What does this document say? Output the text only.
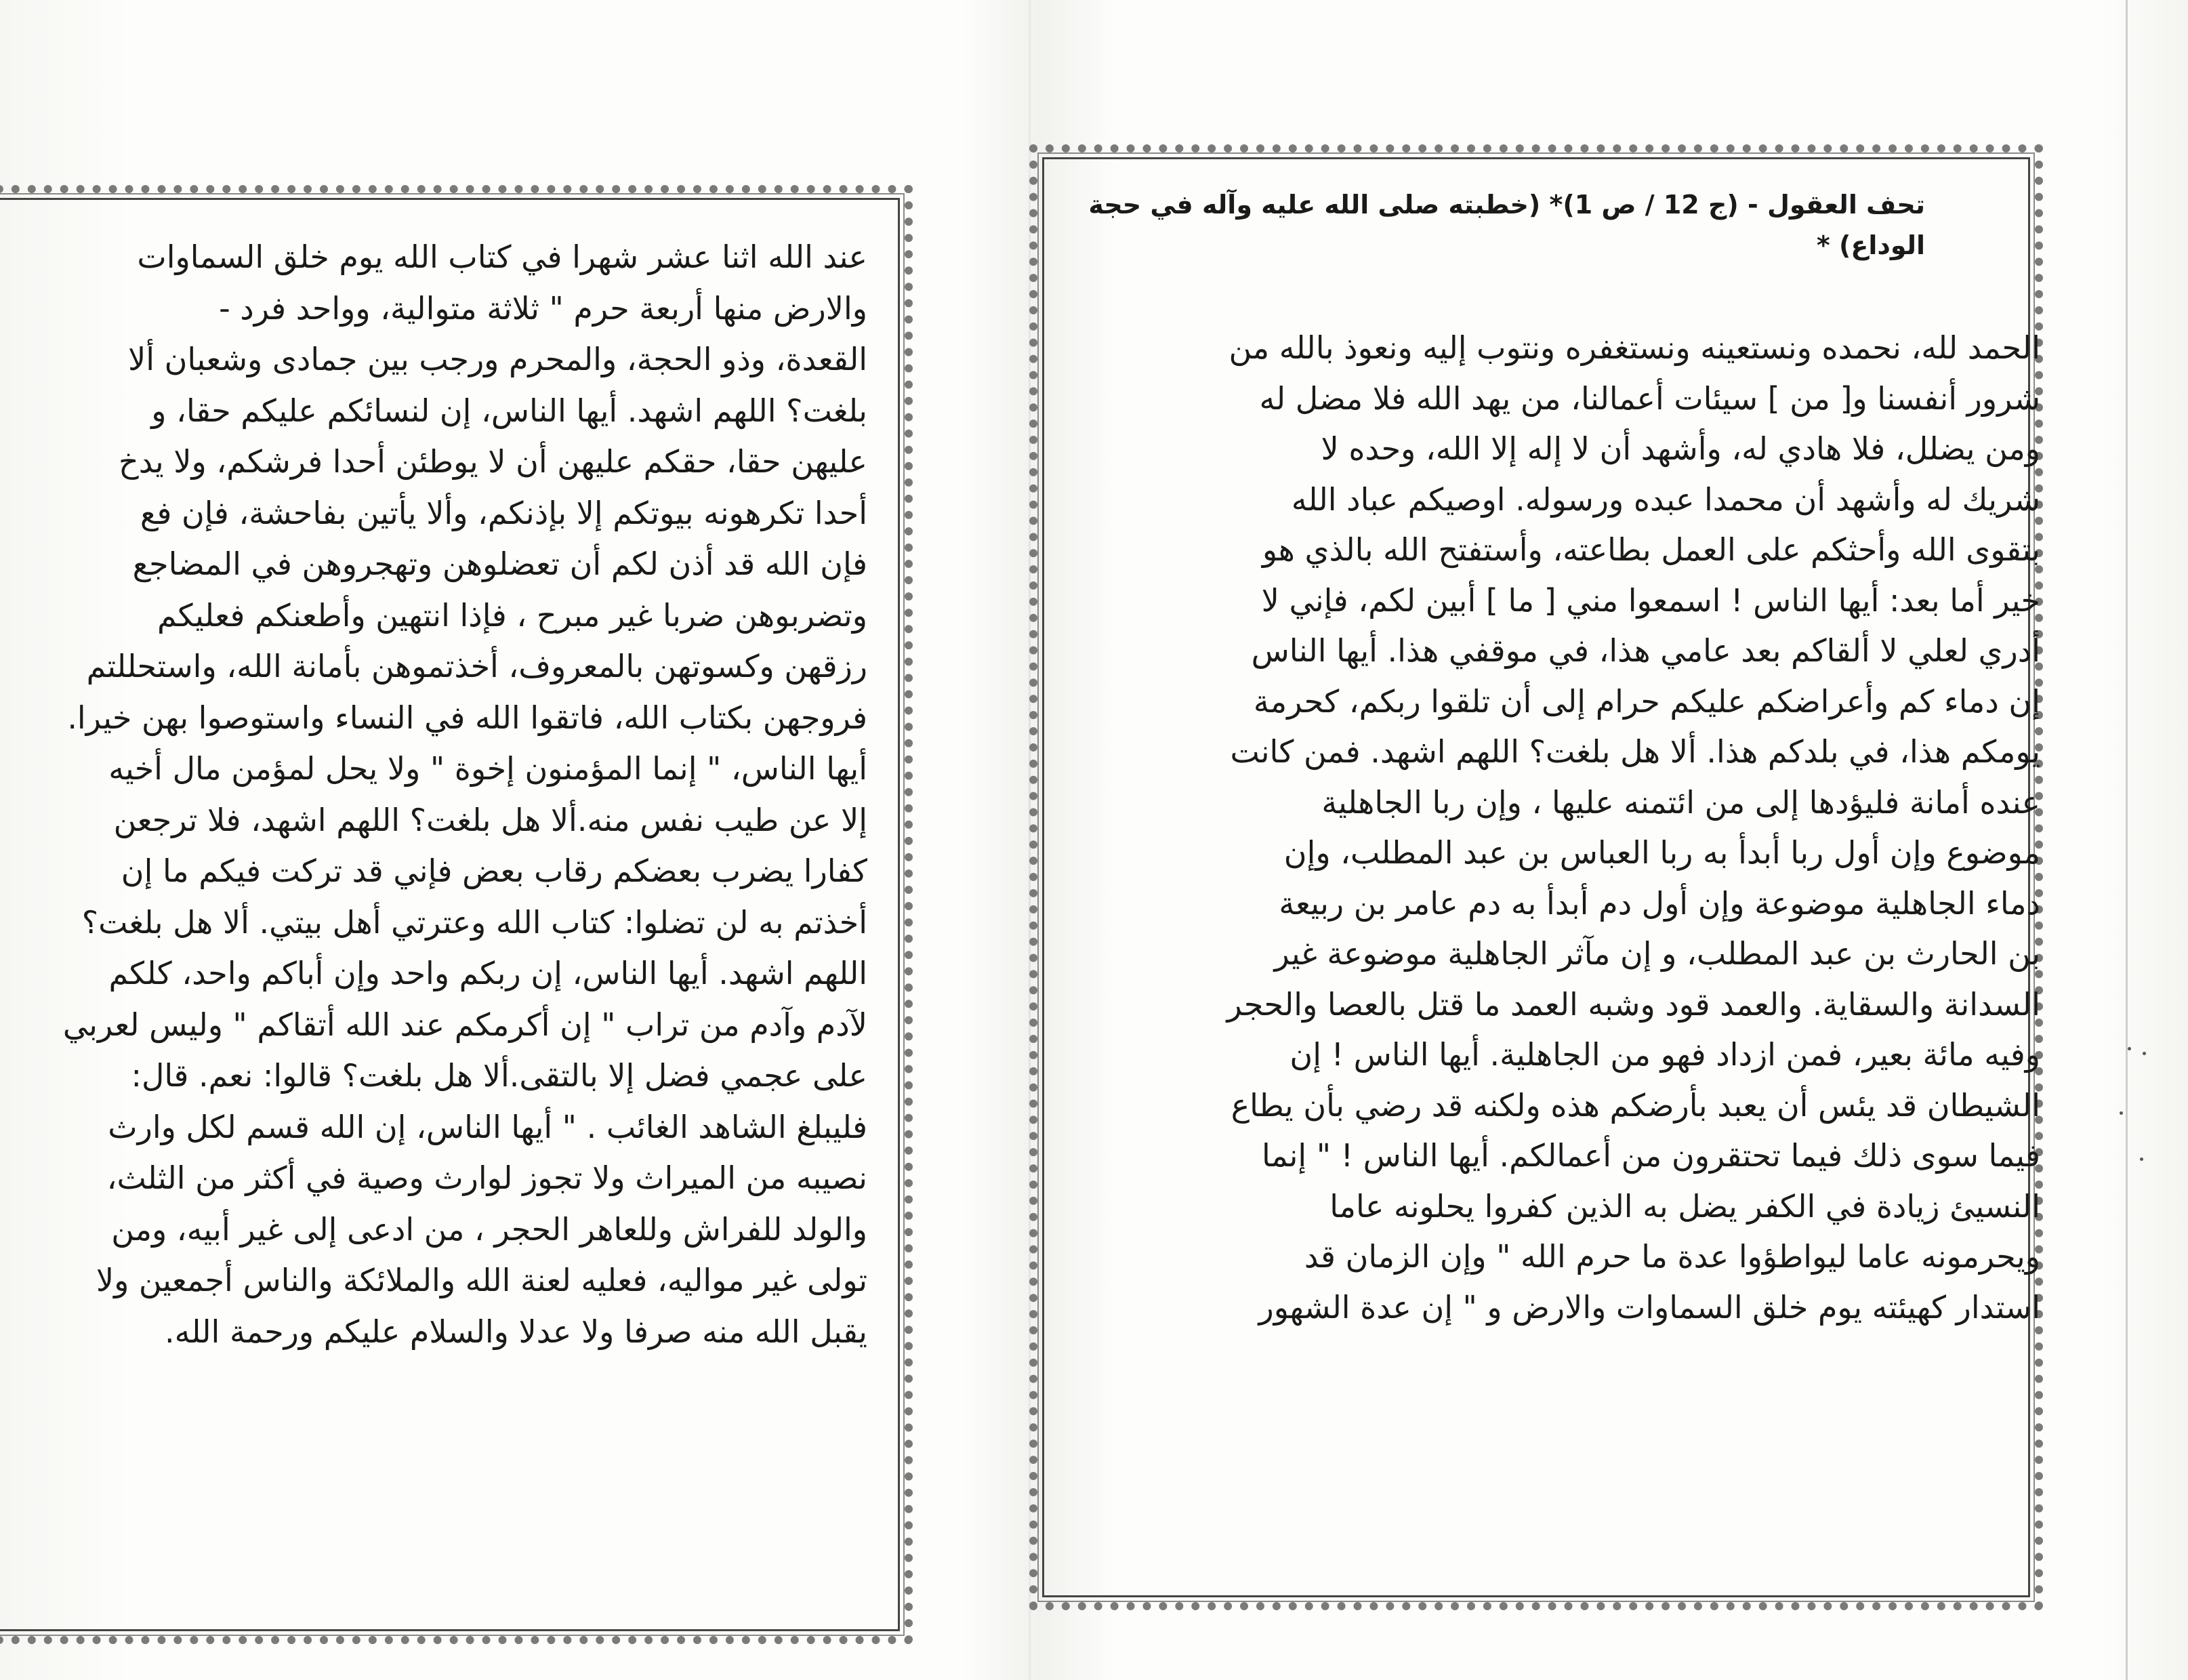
عند الله اثنا عشر شهرا في كتاب الله يوم خلق السماوات
والارض منها أربعة حرم " ثلاثة متوالية، وواحد فرد -
القعدة، وذو الحجة، والمحرم ورجب بين جمادى وشعبان ألا
بلغت؟ اللهم اشهد. أيها الناس، إن لنسائكم عليكم حقا، و
عليهن حقا، حقكم عليهن أن لا يوطئن أحدا فرشكم، ولا يدخ
أحدا تكرهونه بيوتكم إلا بإذنكم، وألا يأتين بفاحشة، فإن فع
فإن الله قد أذن لكم أن تعضلوهن وتهجروهن في المضاجع
وتضربوهن ضربا غير مبرح ، فإذا انتهين وأطعنكم فعليكم
رزقهن وكسوتهن بالمعروف، أخذتموهن بأمانة الله، واستحللتم
فروجهن بكتاب الله، فاتقوا الله في النساء واستوصوا بهن خيرا.
أيها الناس، " إنما المؤمنون إخوة " ولا يحل لمؤمن مال أخيه
إلا عن طيب نفس منه.ألا هل بلغت؟ اللهم اشهد، فلا ترجعن
كفارا يضرب بعضكم رقاب بعض فإني قد تركت فيكم ما إن
أخذتم به لن تضلوا: كتاب الله وعترتي أهل بيتي. ألا هل بلغت؟
اللهم اشهد. أيها الناس، إن ربكم واحد وإن أباكم واحد، كلكم
لآدم وآدم من تراب " إن أكرمكم عند الله أتقاكم " وليس لعربي
على عجمي فضل إلا بالتقى.ألا هل بلغت؟ قالوا: نعم. قال:
فليبلغ الشاهد الغائب . " أيها الناس، إن الله قسم لكل وارث
نصيبه من الميراث ولا تجوز لوارث وصية في أكثر من الثلث،
والولد للفراش وللعاهر الحجر ، من ادعى إلى غير أبيه، ومن
تولى غير مواليه، فعليه لعنة الله والملائكة والناس أجمعين ولا
يقبل الله منه صرفا ولا عدلا والسلام عليكم ورحمة الله.
تحف العقول - (ج 12 / ص 1)* (خطبته صلى الله عليه وآله في حجة
الوداع) *
الحمد لله، نحمده ونستعينه ونستغفره ونتوب إليه ونعوذ بالله من
شرور أنفسنا و[ من ] سيئات أعمالنا، من يهد الله فلا مضل له
ومن يضلل، فلا هادي له، وأشهد أن لا إله إلا الله، وحده لا
شريك له وأشهد أن محمدا عبده ورسوله. اوصيكم عباد الله
بتقوى الله وأحثكم على العمل بطاعته، وأستفتح الله بالذي هو
خير أما بعد: أيها الناس ! اسمعوا مني [ ما ] أبين لكم، فإني لا
أدري لعلي لا ألقاكم بعد عامي هذا، في موقفي هذا. أيها الناس
إن دماء كم وأعراضكم عليكم حرام إلى أن تلقوا ربكم، كحرمة
يومكم هذا، في بلدكم هذا. ألا هل بلغت؟ اللهم اشهد. فمن كانت
عنده أمانة فليؤدها إلى من ائتمنه عليها ، وإن ربا الجاهلية
موضوع وإن أول ربا أبدأ به ربا العباس بن عبد المطلب، وإن
دماء الجاهلية موضوعة وإن أول دم أبدأ به دم عامر بن ربيعة
بن الحارث بن عبد المطلب، و إن مآثر الجاهلية موضوعة غير
السدانة والسقاية. والعمد قود وشبه العمد ما قتل بالعصا والحجر
وفيه مائة بعير، فمن ازداد فهو من الجاهلية. أيها الناس ! إن
الشيطان قد يئس أن يعبد بأرضكم هذه ولكنه قد رضي بأن يطاع
فيما سوى ذلك فيما تحتقرون من أعمالكم. أيها الناس ! " إنما
النسيئ زيادة في الكفر يضل به الذين كفروا يحلونه عاما
ويحرمونه عاما ليواطؤوا عدة ما حرم الله " وإن الزمان قد
استدار كهيئته يوم خلق السماوات والارض و " إن عدة الشهور
